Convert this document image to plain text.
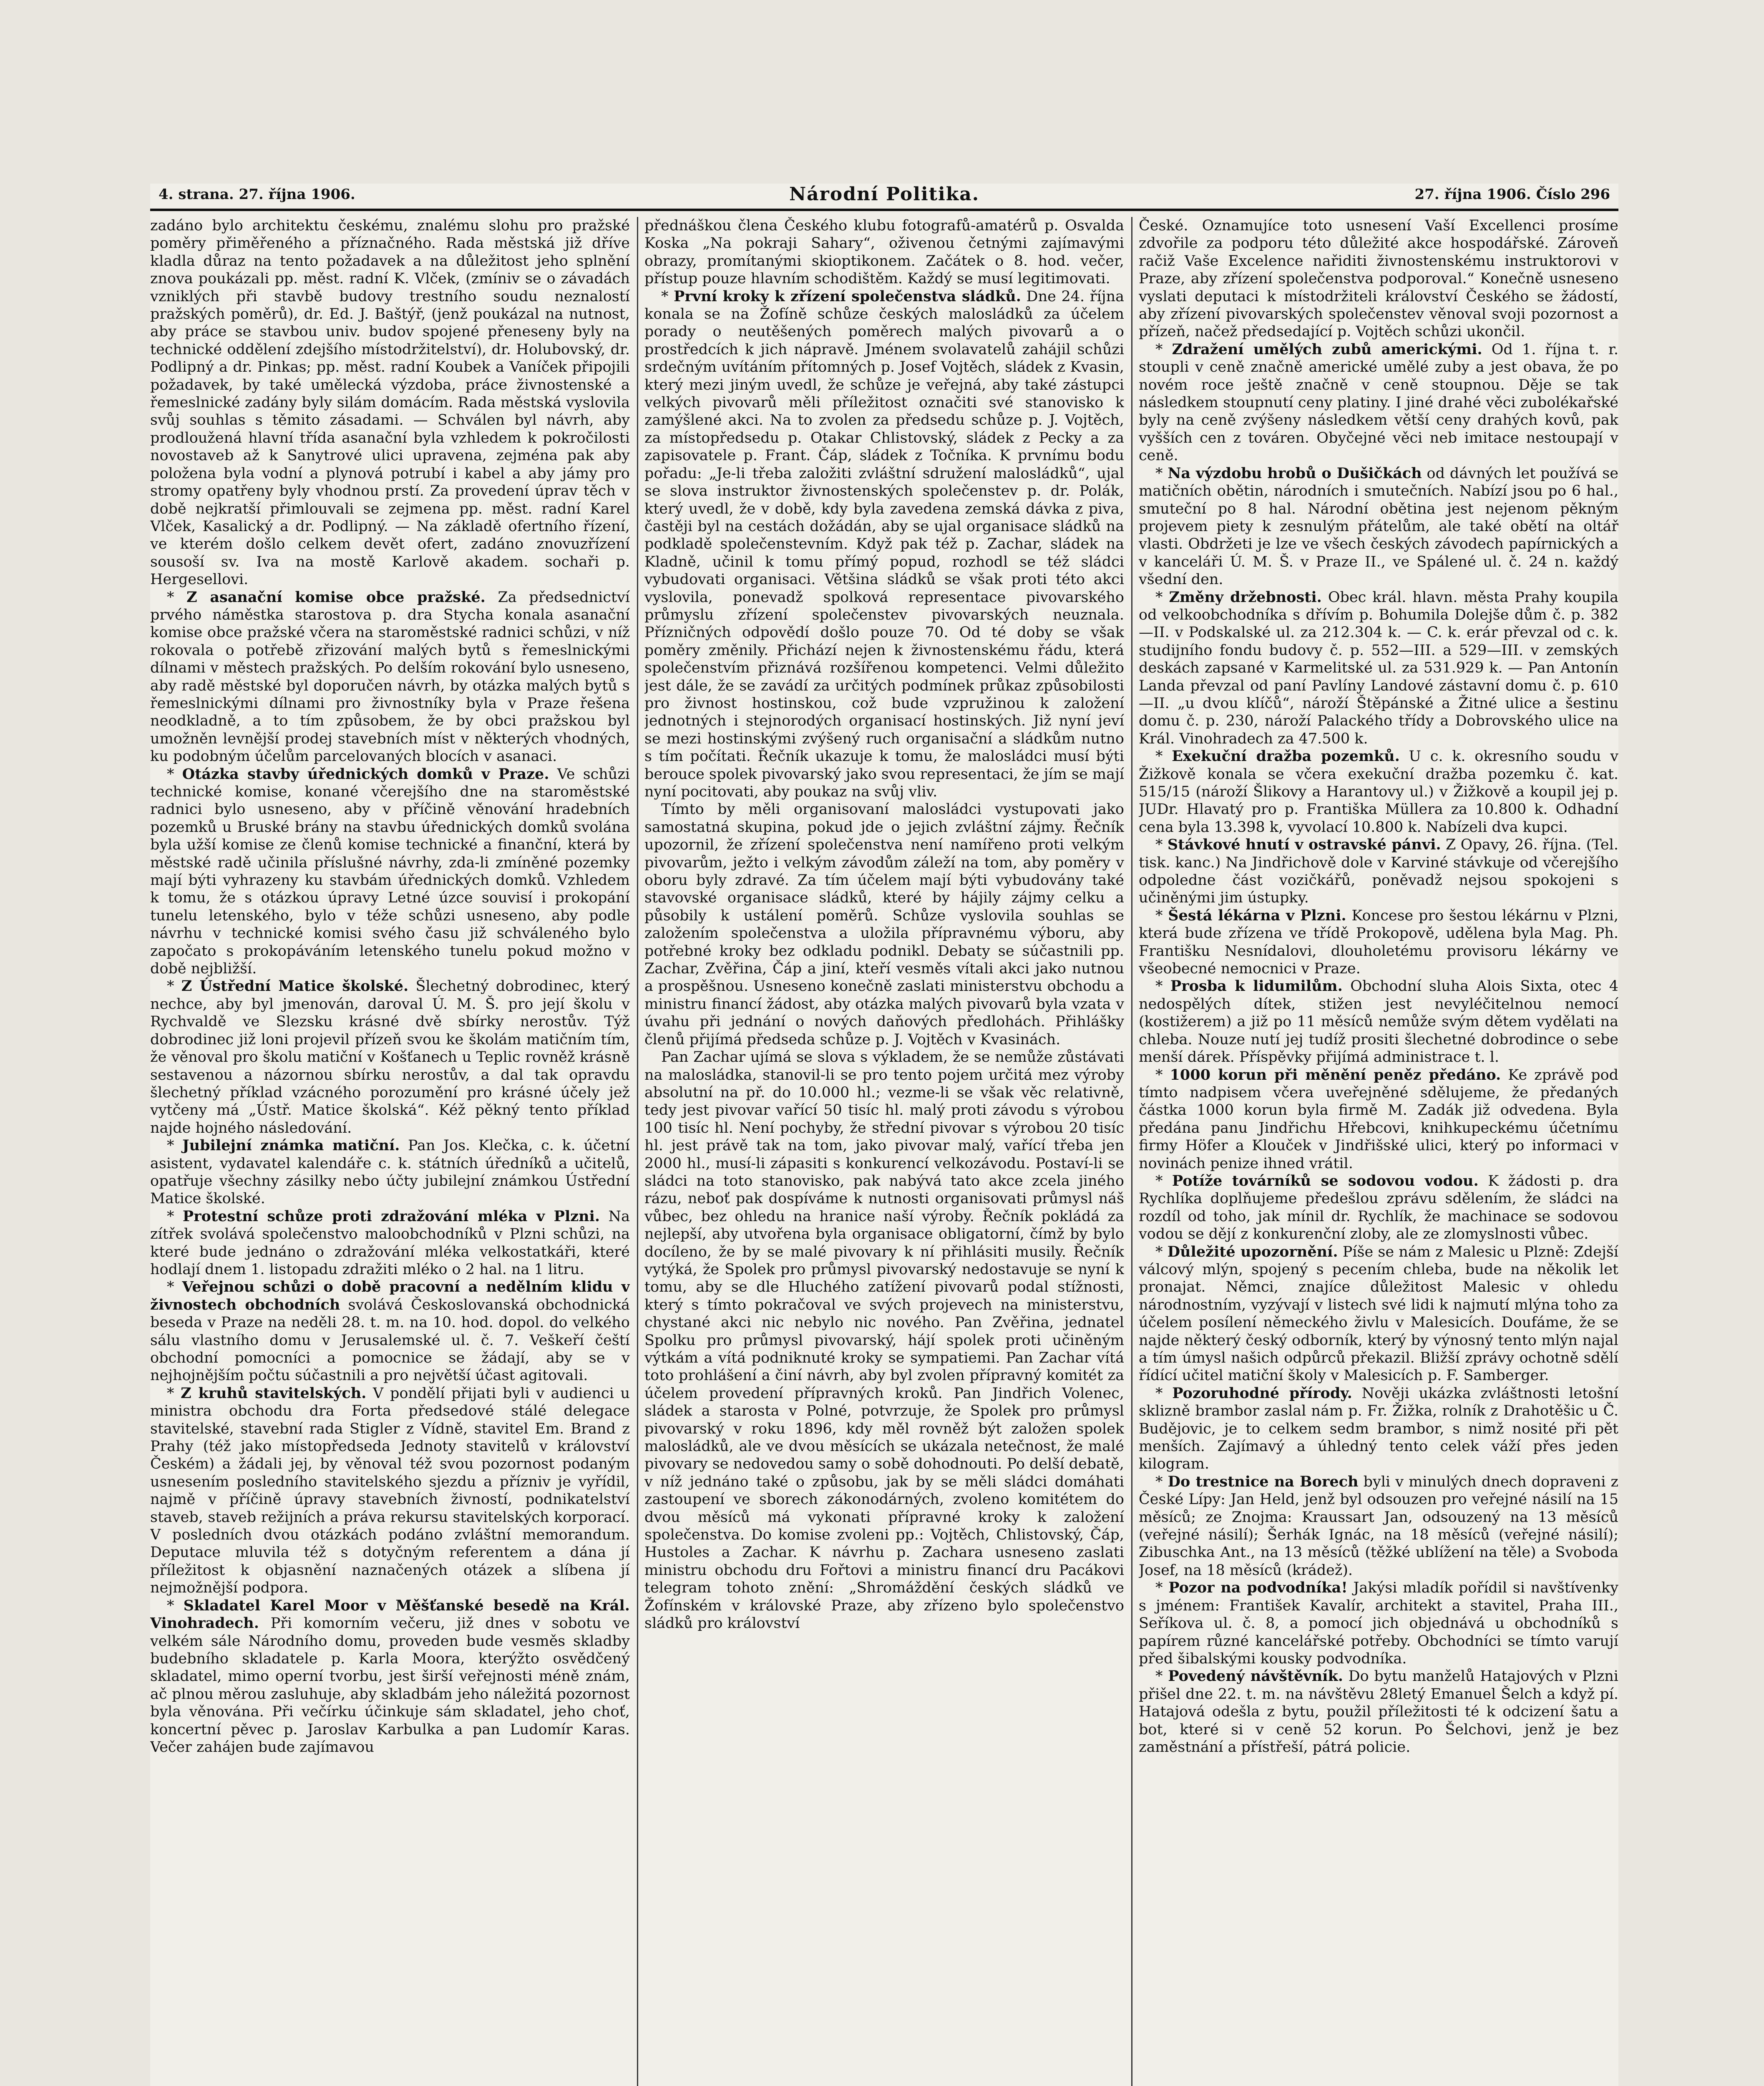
4. strana. 27. října 1906.	Národní Politika.	27. října 1906. Číslo 296

zadáno bylo architektu českému, znalému slohu pro pražské poměry přiměřeného a příznačného. Rada městská již dříve kladla důraz na tento požadavek a na důležitost jeho splnění znova poukázali pp. měst. radní K. Vlček, (zmíniv se o závadách vzniklých při stavbě budovy trestního soudu neznalostí pražských poměrů), dr. Ed. J. Baštýř, (jenž poukázal na nutnost, aby práce se stavbou univ. budov spojené přeneseny byly na technické oddělení zdejšího místodržitelství), dr. Holubovský, dr. Podlipný a dr. Pinkas; pp. měst. radní Koubek a Vaníček připojili požadavek, by také umělecká výzdoba, práce živnostenské a řemeslnické zadány byly silám domácím. Rada městská vyslovila svůj souhlas s těmito zásadami. — Schválen byl návrh, aby prodloužená hlavní třída asanační byla vzhledem k pokročilosti novostaveb až k Sanytrové ulici upravena, zejména pak aby položena byla vodní a plynová potrubí i kabel a aby jámy pro stromy opatřeny byly vhodnou prstí. Za provedení úprav těch v době nejkratší přimlouvali se zejmena pp. měst. radní Karel Vlček, Kasalický a dr. Podlipný. — Na základě ofertního řízení, ve kterém došlo celkem devět ofert, zadáno znovuzřízení sousoší sv. Iva na mostě Karlově akadem. sochaři p. Hergesellovi.

* Z asanační komise obce pražské. Za předsednictví prvého náměstka starostova p. dra Stycha konala asanační komise obce pražské včera na staroměstské radnici schůzi, v níž rokovala o potřebě zřizování malých bytů s řemeslnickými dílnami v městech pražských. Po delším rokování bylo usneseno, aby radě městské byl doporučen návrh, by otázka malých bytů s řemeslnickými dílnami pro živnostníky byla v Praze řešena neodkladně, a to tím způsobem, že by obci pražskou byl umožněn levnější prodej stavebních míst v některých vhodných, ku podobným účelům parcelovaných blocích v asanaci.

* Otázka stavby úřednických domků v Praze. Ve schůzi technické komise, konané včerejšího dne na staroměstské radnici bylo usneseno, aby v příčině věnování hradebních pozemků u Bruské brány na stavbu úřednických domků svolána byla užší komise ze členů komise technické a finanční, která by městské radě učinila příslušné návrhy, zda-li zmíněné pozemky mají býti vyhrazeny ku stavbám úřednických domků. Vzhledem k tomu, že s otázkou úpravy Letné úzce souvisí i prokopání tunelu letenského, bylo v téže schůzi usneseno, aby podle návrhu v technické komisi svého času již schváleného bylo započato s prokopáváním letenského tunelu pokud možno v době nejbližší.

* Z Ústřední Matice školské. Šlechetný dobrodinec, který nechce, aby byl jmenován, daroval Ú. M. Š. pro její školu v Rychvaldě ve Slezsku krásné dvě sbírky nerostův. Týž dobrodinec již loni projevil přízeň svou ke školám matičním tím, že věnoval pro školu matiční v Košťanech u Teplic rovněž krásně sestavenou a názornou sbírku nerostův, a dal tak opravdu šlechetný příklad vzácného porozumění pro krásné účely jež vytčeny má „Ústř. Matice školská“. Kéž pěkný tento příklad najde hojného následování.

* Jubilejní známka matiční. Pan Jos. Klečka, c. k. účetní asistent, vydavatel kalendáře c. k. státních úředníků a učitelů, opatřuje všechny zásilky nebo účty jubilejní známkou Ústřední Matice školské.

* Protestní schůze proti zdražování mléka v Plzni. Na zítřek svolává společenstvo maloobchodníků v Plzni schůzi, na které bude jednáno o zdražování mléka velkostatkáři, které hodlají dnem 1. listopadu zdražiti mléko o 2 hal. na 1 litru.

* Veřejnou schůzi o době pracovní a nedělním klidu v živnostech obchodních svolává Českoslovanská obchodnická beseda v Praze na neděli 28. t. m. na 10. hod. dopol. do velkého sálu vlastního domu v Jerusalemské ul. č. 7. Veškeří čeští obchodní pomocníci a pomocnice se žádají, aby se v nejhojnějším počtu súčastnili a pro největší účast agitovali.

* Z kruhů stavitelských. V pondělí přijati byli v audienci u ministra obchodu dra Forta předsedové stálé delegace stavitelské, stavební rada Stigler z Vídně, stavitel Em. Brand z Prahy (též jako místopředseda Jednoty stavitelů v království Českém) a žádali jej, by věnoval též svou pozornost podaným usnesením posledního stavitelského sjezdu a přízniv je vyřídil, najmě v příčině úpravy stavebních živností, podnikatelství staveb, staveb režijních a práva rekursu stavitelských korporací. V posledních dvou otázkách podáno zvláštní memorandum. Deputace mluvila též s dotyčným referentem a dána jí příležitost k objasnění naznačených otázek a slíbena jí nejmožnější podpora.

* Skladatel Karel Moor v Měšťanské besedě na Král. Vinohradech. Při komorním večeru, již dnes v sobotu ve velkém sále Národního domu, proveden bude vesměs skladby budebního skladatele p. Karla Moora, kterýžto osvědčený skladatel, mimo operní tvorbu, jest širší veřejnosti méně znám, ač plnou měrou zasluhuje, aby skladbám jeho náležitá pozornost byla věnována. Při večírku účinkuje sám skladatel, jeho choť, koncertní pěvec p. Jaroslav Karbulka a pan Ludomír Karas. Večer zahájen bude zajímavou

přednáškou člena Českého klubu fotografů-amatérů p. Osvalda Koska „Na pokraji Sahary“, oživenou četnými zajímavými obrazy, promítanými skioptikonem. Začátek o 8. hod. večer, přístup pouze hlavním schodištěm. Každý se musí legitimovati.

* První kroky k zřízení společenstva sládků. Dne 24. října konala se na Žofíně schůze českých malosládků za účelem porady o neutěšených poměrech malých pivovarů a o prostředcích k jich nápravě. Jménem svolavatelů zahájil schůzi srdečným uvítáním přítomných p. Josef Vojtěch, sládek z Kvasin, který mezi jiným uvedl, že schůze je veřejná, aby také zástupci velkých pivovarů měli příležitost označiti své stanovisko k zamýšlené akci. Na to zvolen za předsedu schůze p. J. Vojtěch, za místopředsedu p. Otakar Chlistovský, sládek z Pecky a za zapisovatele p. Frant. Čáp, sládek z Točníka. K prvnímu bodu pořadu: „Je-li třeba založiti zvláštní sdružení malosládků“, ujal se slova instruktor živnostenských společenstev p. dr. Polák, který uvedl, že v době, kdy byla zavedena zemská dávka z piva, častěji byl na cestách dožádán, aby se ujal organisace sládků na podkladě společenstevním. Když pak též p. Zachar, sládek na Kladně, učinil k tomu přímý popud, rozhodl se též sládci vybudovati organisaci. Většina sládků se však proti této akci vyslovila, ponevadž spolková representace pivovarského průmyslu zřízení společenstev pivovarských neuznala. Přízničných odpovědí došlo pouze 70. Od té doby se však poměry změnily. Přichází nejen k živnostenskému řádu, která společenstvím přiznává rozšířenou kompetenci. Velmi důležito jest dále, že se zavádí za určitých podmínek průkaz způsobilosti pro živnost hostinskou, což bude vzpružinou k založení jednotných i stejnorodých organisací hostinských. Již nyní jeví se mezi hostinskými zvýšený ruch organisační a sládkům nutno s tím počítati. Řečník ukazuje k tomu, že malosládci musí býti berouce spolek pivovarský jako svou representaci, že jím se mají nyní pocitovati, aby poukaz na svůj vliv.

Tímto by měli organisovaní malosládci vystupovati jako samostatná skupina, pokud jde o jejich zvláštní zájmy. Řečník upozornil, že zřízení společenstva není namířeno proti velkým pivovarům, ježto i velkým závodům záleží na tom, aby poměry v oboru byly zdravé. Za tím účelem mají býti vybudovány také stavovské organisace sládků, které by hájily zájmy celku a působily k ustálení poměrů. Schůze vyslovila souhlas se založením společenstva a uložila přípravnému výboru, aby potřebné kroky bez odkladu podnikl. Debaty se súčastnili pp. Zachar, Zvěřina, Čáp a jiní, kteří vesměs vítali akci jako nutnou a prospěšnou. Usneseno konečně zaslati ministerstvu obchodu a ministru financí žádost, aby otázka malých pivovarů byla vzata v úvahu při jednání o nových daňových předlohách. Přihlášky členů přijímá předseda schůze p. J. Vojtěch v Kvasinách.

Pan Zachar ujímá se slova s výkladem, že se nemůže zůstávati na malosládka, stanovil-li se pro tento pojem určitá mez výroby absolutní na př. do 10.000 hl.; vezme-li se však věc relativně, tedy jest pivovar vařící 50 tisíc hl. malý proti závodu s výrobou 100 tisíc hl. Není pochyby, že střední pivovar s výrobou 20 tisíc hl. jest právě tak na tom, jako pivovar malý, vařící třeba jen 2000 hl., musí-li zápasiti s konkurencí velkozávodu. Postaví-li se sládci na toto stanovisko, pak nabývá tato akce zcela jiného rázu, neboť pak dospíváme k nutnosti organisovati průmysl náš vůbec, bez ohledu na hranice naší výroby. Řečník pokládá za nejlepší, aby utvořena byla organisace obligatorní, čímž by bylo docíleno, že by se malé pivovary k ní přihlásiti musily. Řečník vytýká, že Spolek pro průmysl pivovarský nedostavuje se nyní k tomu, aby se dle Hluchého zatížení pivovarů podal stížnosti, který s tímto pokračoval ve svých projevech na ministerstvu, chystané akci nic nebylo nic nového. Pan Zvěřina, jednatel Spolku pro průmysl pivovarský, hájí spolek proti učiněným výtkám a vítá podniknuté kroky se sympatiemi. Pan Zachar vítá toto prohlášení a činí návrh, aby byl zvolen přípravný komitét za účelem provedení přípravných kroků. Pan Jindřich Volenec, sládek a starosta v Polné, potvrzuje, že Spolek pro průmysl pivovarský v roku 1896, kdy měl rovněž být založen spolek malosládků, ale ve dvou měsících se ukázala netečnost, že malé pivovary se nedovedou samy o sobě dohodnouti. Po delší debatě, v níž jednáno také o způsobu, jak by se měli sládci domáhati zastoupení ve sborech zákonodárných, zvoleno komitétem do dvou měsíců má vykonati přípravné kroky k založení společenstva. Do komise zvoleni pp.: Vojtěch, Chlistovský, Čáp, Hustoles a Zachar. K návrhu p. Zachara usneseno zaslati ministru obchodu dru Fořtovi a ministru financí dru Pacákovi telegram tohoto znění: „Shromáždění českých sládků ve Žofínském v královské Praze, aby zřízeno bylo společenstvo sládků pro království

České. Oznamujíce toto usnesení Vaší Excellenci prosíme zdvořile za podporu této důležité akce hospodářské. Zároveň račiž Vaše Excelence nařiditi živnostenskému instruktorovi v Praze, aby zřízení společenstva podporoval.“ Konečně usneseno vyslati deputaci k místodržiteli království Českého se žádostí, aby zřízení pivovarských společenstev věnoval svoji pozornost a přízeň, načež předsedající p. Vojtěch schůzi ukončil.

* Zdražení umělých zubů americkými. Od 1. října t. r. stoupli v ceně značně americké umělé zuby a jest obava, že po novém roce ještě značně v ceně stoupnou. Děje se tak následkem stoupnutí ceny platiny. I jiné drahé věci zubolékařské byly na ceně zvýšeny následkem větší ceny drahých kovů, pak vyšších cen z továren. Obyčejné věci neb imitace nestoupají v ceně.

* Na výzdobu hrobů o Dušičkách od dávných let používá se matičních obětin, národních i smutečních. Nabízí jsou po 6 hal., smuteční po 8 hal. Národní obětina jest nejenom pěkným projevem piety k zesnulým přátelům, ale také obětí na oltář vlasti. Obdržeti je lze ve všech českých závodech papírnických a v kanceláři Ú. M. Š. v Praze II., ve Spálené ul. č. 24 n. každý všední den.

* Změny držebnosti. Obec král. hlavn. města Prahy koupila od velkoobchodníka s dřívím p. Bohumila Dolejše dům č. p. 382—II. v Podskalské ul. za 212.304 k. — C. k. erár převzal od c. k. studijního fondu budovy č. p. 552—III. a 529—III. v zemských deskách zapsané v Karmelitské ul. za 531.929 k. — Pan Antonín Landa převzal od paní Pavlíny Landové zástavní domu č. p. 610—II. „u dvou klíčů“, nároží Štěpánské a Žitné ulice a šestinu domu č. p. 230, nároží Palackého třídy a Dobrovského ulice na Král. Vinohradech za 47.500 k.

* Exekuční dražba pozemků. U c. k. okresního soudu v Žižkově konala se včera exekuční dražba pozemku č. kat. 515/15 (nároží Šlikovy a Harantovy ul.) v Žižkově a koupil jej p. JUDr. Hlavatý pro p. Františka Müllera za 10.800 k. Odhadní cena byla 13.398 k, vyvolací 10.800 k. Nabízeli dva kupci.

* Stávkové hnutí v ostravské pánvi. Z Opavy, 26. října. (Tel. tisk. kanc.) Na Jindřichově dole v Karviné stávkuje od včerejšího odpoledne část vozičkářů, poněvadž nejsou spokojeni s učiněnými jim ústupky.

* Šestá lékárna v Plzni. Koncese pro šestou lékárnu v Plzni, která bude zřízena ve třídě Prokopově, udělena byla Mag. Ph. Františku Nesnídalovi, dlouholetému provisoru lékárny ve všeobecné nemocnici v Praze.

* Prosba k lidumilům. Obchodní sluha Alois Sixta, otec 4 nedospělých dítek, stižen jest nevyléčitelnou nemocí (kostižerem) a již po 11 měsíců nemůže svým dětem vydělati na chleba. Nouze nutí jej tudíž prositi šlechetné dobrodince o sebe menší dárek. Příspěvky přijímá administrace t. l.

* 1000 korun při měnění peněz předáno. Ke zprávě pod tímto nadpisem včera uveřejněné sdělujeme, že předaných částka 1000 korun byla firmě M. Zadák již odvedena. Byla předána panu Jindřichu Hřebcovi, knihkupeckému účetnímu firmy Höfer a Klouček v Jindřišské ulici, který po informaci v novinách penize ihned vrátil.

* Potíže továrníků se sodovou vodou. K žádosti p. dra Rychlíka doplňujeme předešlou zprávu sdělením, že sládci na rozdíl od toho, jak mínil dr. Rychlík, že machinace se sodovou vodou se dějí z konkurenční zloby, ale ze zlomyslnosti vůbec.

* Důležité upozornění. Píše se nám z Malesic u Plzně: Zdejší válcový mlýn, spojený s pecením chleba, bude na několik let pronajat. Němci, znajíce důležitost Malesic v ohledu národnostním, vyzývají v listech své lidi k najmutí mlýna toho za účelem posílení německého živlu v Malesicích. Doufáme, že se najde některý český odborník, který by výnosný tento mlýn najal a tím úmysl našich odpůrců překazil. Bližší zprávy ochotně sdělí řídící učitel matiční školy v Malesicích p. F. Samberger.

* Pozoruhodné přírody. Nověji ukázka zvláštnosti letošní sklizně brambor zaslal nám p. Fr. Žižka, rolník z Drahotěšic u Č. Budějovic, je to celkem sedm brambor, s nimž nosité při pět menších. Zajímavý a úhledný tento celek váží přes jeden kilogram.

* Do trestnice na Borech byli v minulých dnech dopraveni z České Lípy: Jan Held, jenž byl odsouzen pro veřejné násilí na 15 měsíců; ze Znojma: Kraussart Jan, odsouzený na 13 měsíců (veřejné násilí); Šerhák Ignác, na 18 měsíců (veřejné násilí); Zibuschka Ant., na 13 měsíců (těžké ublížení na těle) a Svoboda Josef, na 18 měsíců (krádež).

* Pozor na podvodníka! Jakýsi mladík pořídil si navštívenky s jménem: František Kavalír, architekt a stavitel, Praha III., Seříkova ul. č. 8, a pomocí jich objednává u obchodníků s papírem různé kancelářské potřeby. Obchodníci se tímto varují před šibalskými kousky podvodníka.

* Povedený návštěvník. Do bytu manželů Hatajových v Plzni přišel dne 22. t. m. na návštěvu 28letý Emanuel Šelch a když pí. Hatajová odešla z bytu, použil příležitosti té k odcizení šatu a bot, které si v ceně 52 korun. Po Šelchovi, jenž je bez zaměstnání a přístřeší, pátrá policie.
